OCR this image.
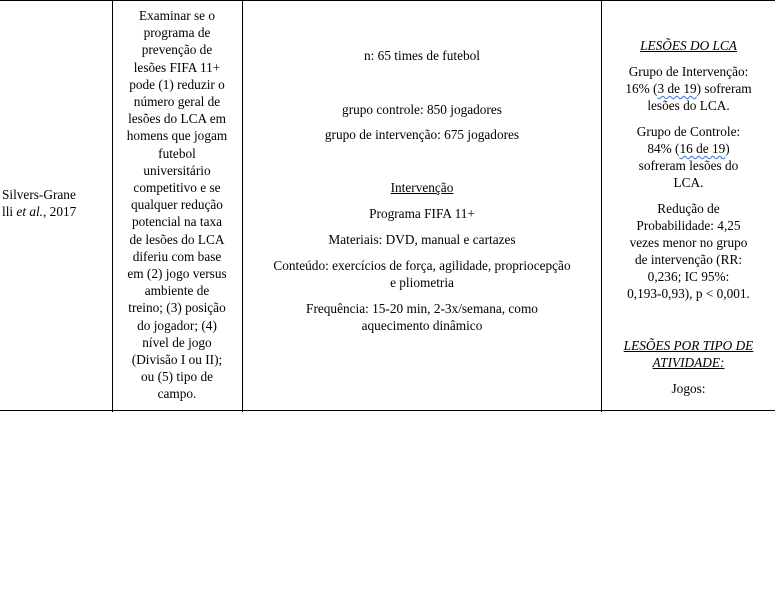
Silvers-Grane
lli et al., 2017
Examinar se o
programa de
prevenção de
lesões FIFA 11+
pode (1) reduzir o
número geral de
lesões do LCA em
homens que jogam
futebol
universitário
competitivo e se
qualquer redução
potencial na taxa
de lesões do LCA
diferiu com base
em (2) jogo versus
ambiente de
treino; (3) posição
do jogador; (4)
nível de jogo
(Divisão I ou II);
ou (5) tipo de
campo.
n: 65 times de futebol
grupo controle: 850 jogadores
grupo de intervenção: 675 jogadores
Intervenção
Programa FIFA 11+
Materiais: DVD, manual e cartazes
Conteúdo: exercícios de força, agilidade, propriocepção
e pliometria
Frequência: 15-20 min, 2-3x/semana, como
aquecimento dinâmico
LESÕES DO LCA
Grupo de Intervenção:
16% (3 de 19) sofreram
lesões do LCA.
Grupo de Controle:
84% (16 de 19)
sofreram lesões do
LCA.
Redução de
Probabilidade: 4,25
vezes menor no grupo
de intervenção (RR:
0,236; IC 95%:
0,193-0,93), p < 0,001.
LESÕES POR TIPO DE
ATIVIDADE:
Jogos:
